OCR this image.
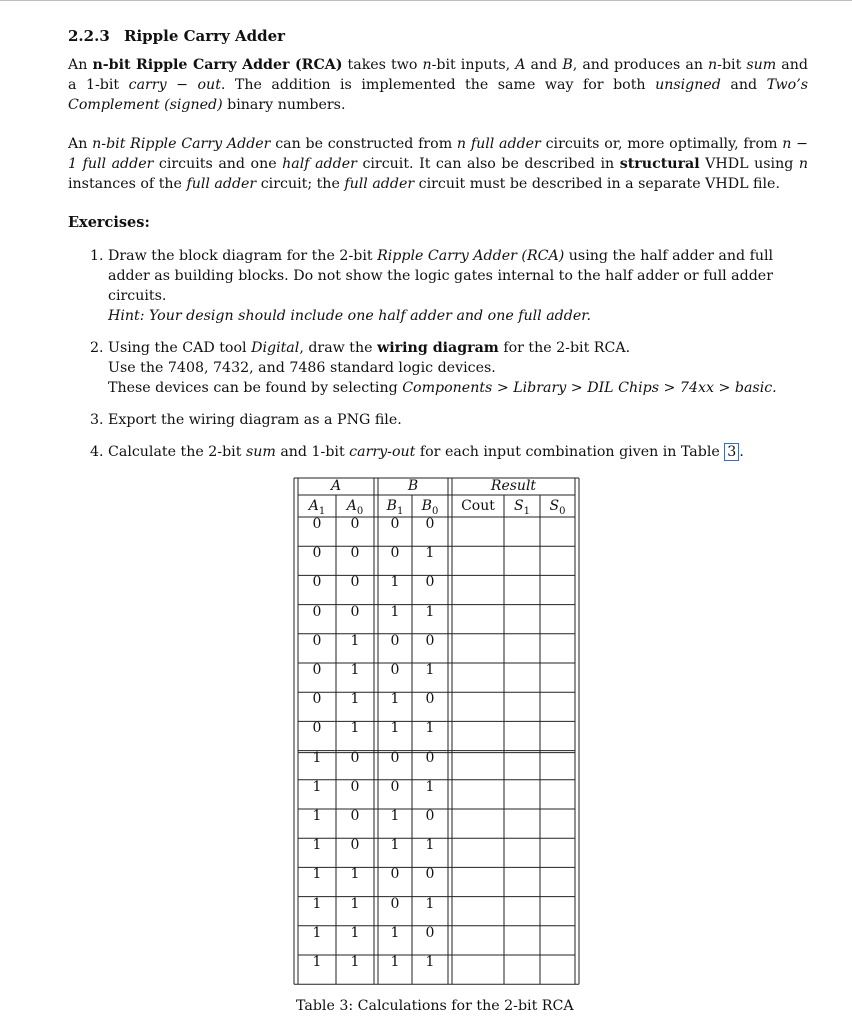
2.2.3 Ripple Carry Adder

An n-bit Ripple Carry Adder (RCA) takes two n-bit inputs, A and B, and produces an n-bit sum and a 1-bit carry − out. The addition is implemented the same way for both unsigned and Two’s Complement (signed) binary numbers.

An n-bit Ripple Carry Adder can be constructed from n full adder circuits or, more optimally, from n − 1 full adder circuits and one half adder circuit. It can also be described in structural VHDL using n instances of the full adder circuit; the full adder circuit must be described in a separate VHDL file.

Exercises:
1. Draw the block diagram for the 2-bit Ripple Carry Adder (RCA) using the half adder and full adder as building blocks. Do not show the logic gates internal to the half adder or full adder circuits.
Hint: Your design should include one half adder and one full adder.
2. Using the CAD tool Digital, draw the wiring diagram for the 2-bit RCA.
Use the 7408, 7432, and 7486 standard logic devices.
These devices can be found by selecting Components > Library > DIL Chips > 74xx > basic.
3. Export the wiring diagram as a PNG file.
4. Calculate the 2-bit sum and 1-bit carry-out for each input combination given in Table 3 .
A	B	Result
$A_1$	$A_0$	$B_1$	$B_0$	Cout	$S_1$	$S_0$
0	0	0	0
0	0	0	1
0	0	1	0
0	0	1	1
0	1	0	0
0	1	0	1
0	1	1	0
0	1	1	1
1	0	0	0
1	0	0	1
1	0	1	0
1	0	1	1
1	1	0	0
1	1	0	1
1	1	1	0
1	1	1	1
Table 3: Calculations for the 2-bit RCA
